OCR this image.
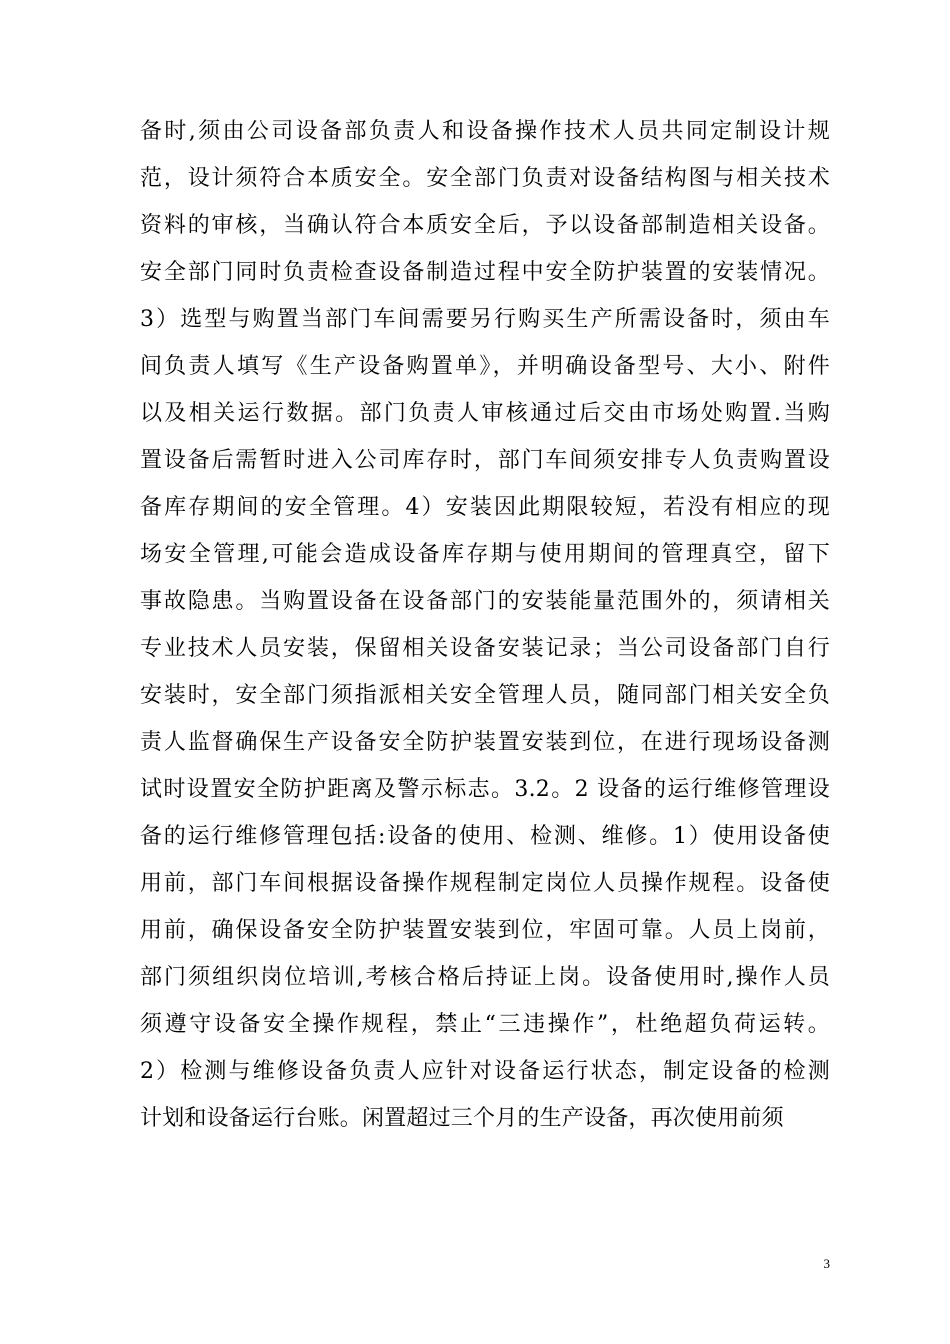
备时,须由公司设备部负责人和设备操作技术人员共同定制设计规
范，设计须符合本质安全。安全部门负责对设备结构图与相关技术
资料的审核，当确认符合本质安全后，予以设备部制造相关设备。
安全部门同时负责检查设备制造过程中安全防护装置的安装情况。
3）选型与购置当部门车间需要另行购买生产所需设备时，须由车
间负责人填写《生产设备购置单》，并明确设备型号、大小、附件
以及相关运行数据。部门负责人审核通过后交由市场处购置.当购
置设备后需暂时进入公司库存时，部门车间须安排专人负责购置设
备库存期间的安全管理。4）安装因此期限较短，若没有相应的现
场安全管理,可能会造成设备库存期与使用期间的管理真空，留下
事故隐患。当购置设备在设备部门的安装能量范围外的，须请相关
专业技术人员安装，保留相关设备安装记录；当公司设备部门自行
安装时，安全部门须指派相关安全管理人员，随同部门相关安全负
责人监督确保生产设备安全防护装置安装到位，在进行现场设备测
试时设置安全防护距离及警示标志。3.2。2 设备的运行维修管理设
备的运行维修管理包括:设备的使用、检测、维修。1）使用设备使
用前，部门车间根据设备操作规程制定岗位人员操作规程。设备使
用前，确保设备安全防护装置安装到位，牢固可靠。人员上岗前，
部门须组织岗位培训,考核合格后持证上岗。设备使用时,操作人员
须遵守设备安全操作规程，禁止“三违操作”，杜绝超负荷运转。
2）检测与维修设备负责人应针对设备运行状态，制定设备的检测
计划和设备运行台账。闲置超过三个月的生产设备，再次使用前须
3
